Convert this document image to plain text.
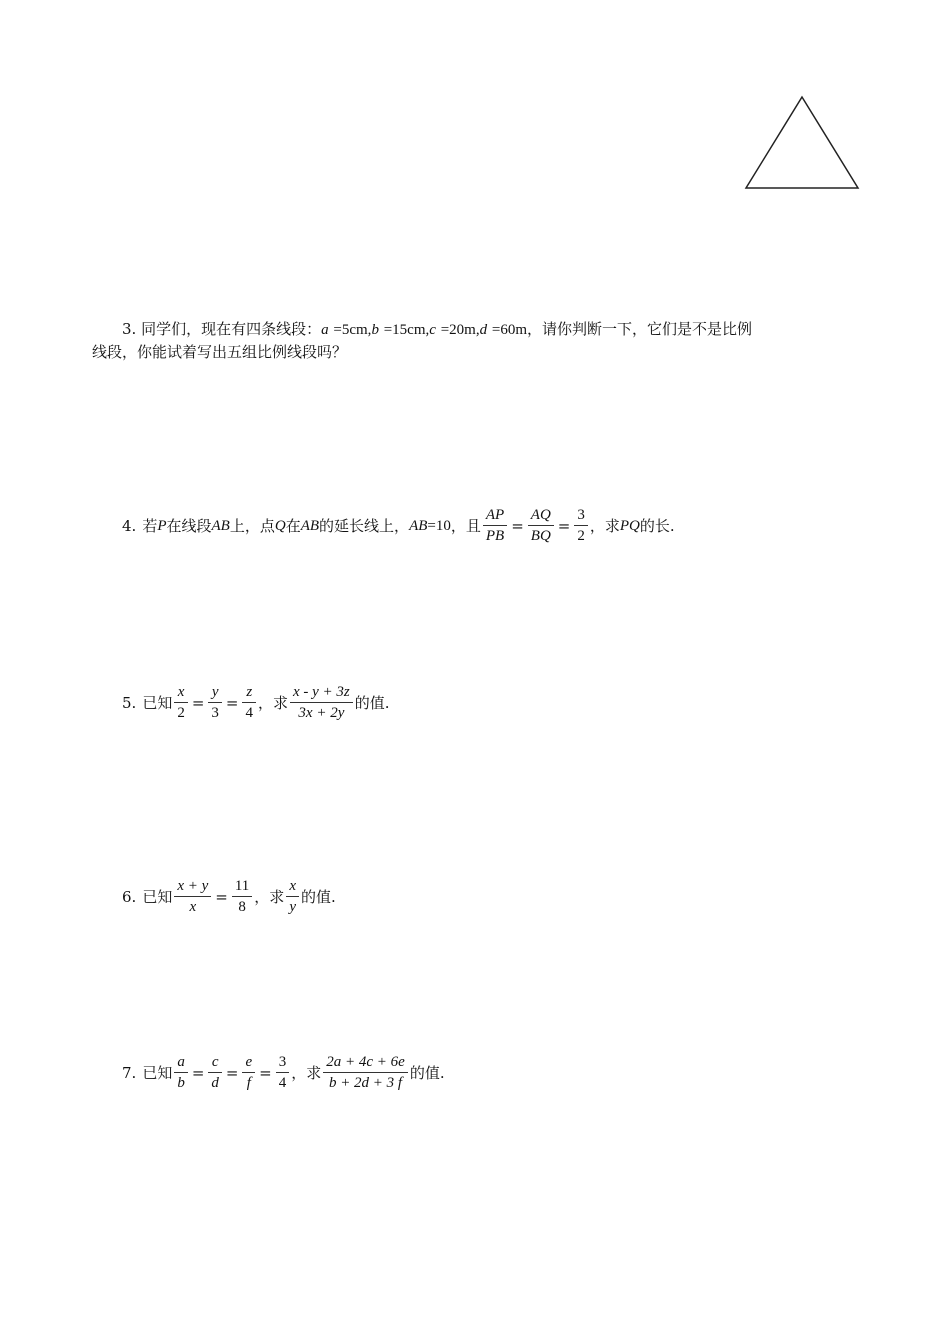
3. 同学们，现在有四条线段：a =5cm,b =15cm,c =20m,d =60m，请你判断一下，它们是不是比例
线段，你能试着写出五组比例线段吗？
4. 若 P 在线段 AB 上，点 Q 在 AB 的延长线上， AB =10 ，且 $\frac{AP}{PB} = \frac{AQ}{BQ} = \frac{3}{2}$ ，求 PQ 的长.
5. 已知 $\frac{x}{2} = \frac{y}{3} = \frac{z}{4}$ ，求 $\frac{x - y + 3z}{3x + 2y}$ 的值.
6. 已知 $\frac{x + y}{x} = \frac{11}{8}$ ，求 $\frac{x}{y}$ 的值.
7. 已知 $\frac{a}{b} = \frac{c}{d} = \frac{e}{f} = \frac{3}{4}$ ，求 $\frac{2a + 4c + 6e}{b + 2d + 3 f}$ 的值.
